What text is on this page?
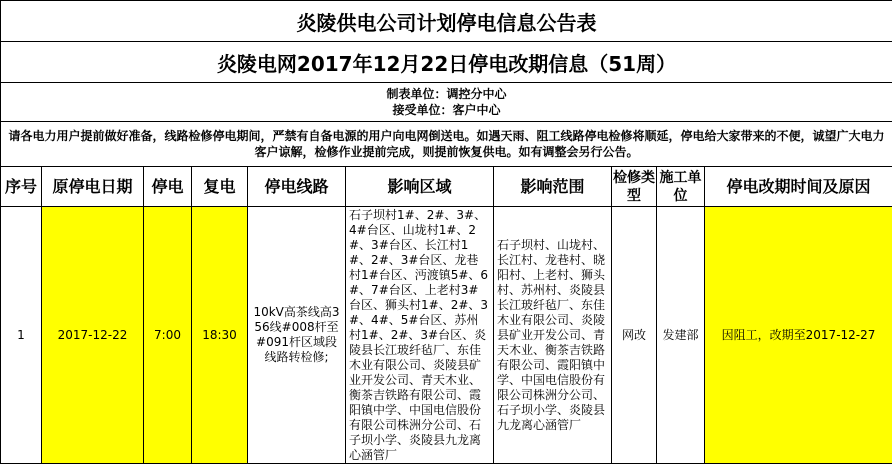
炎陵供电公司计划停电信息公告表									
炎陵电网2017年12月22日停电改期信息（51周）									

制表单位：调控分中心
接受单位：客户中心									

请各电力用户提前做好准备，线路检修停电期间，严禁有自备电源的用户向电网倒送电。如遇天雨、阻工线路停电检修将顺延，停电给大家带来的不便，诚望广大电力客户谅解，检修作业提前完成，则提前恢复供电。如有调整会另行公告。									
序号	原停电日期	停电	复电	停电线路	影响区域	影响范围	检修类型	施工单位	停电改期时间及原因
1	2017-12-22	7:00	18:30	10kV高茶线高356线#008杆至#091杆区域段线路转检修;	石子坝村1#、2#、3#、4#台区、山垅村1#、2#、3#台区、长江村1#、2#、3#台区、龙巷村1#台区、沔渡镇5#、6#、7#台区、上老村3#台区、狮头村1#、2#、3#、4#、5#台区、苏州村1#、2#、3#台区、炎陵县长江玻纤毡厂、东佳木业有限公司、炎陵县矿业开发公司、青天木业、衡茶吉铁路有限公司、霞阳镇中学、中国电信股份有限公司株洲分公司、石子坝小学、炎陵县九龙离心涵管厂	石子坝村、山垅村、长江村、龙巷村、晓阳村、上老村、狮头村、苏州村、炎陵县长江玻纤毡厂、东佳木业有限公司、炎陵县矿业开发公司、青天木业、衡茶吉铁路有限公司、霞阳镇中学、中国电信股份有限公司株洲分公司、石子坝小学、炎陵县九龙离心涵管厂	网改	发建部	因阻工，改期至2017-12-27
